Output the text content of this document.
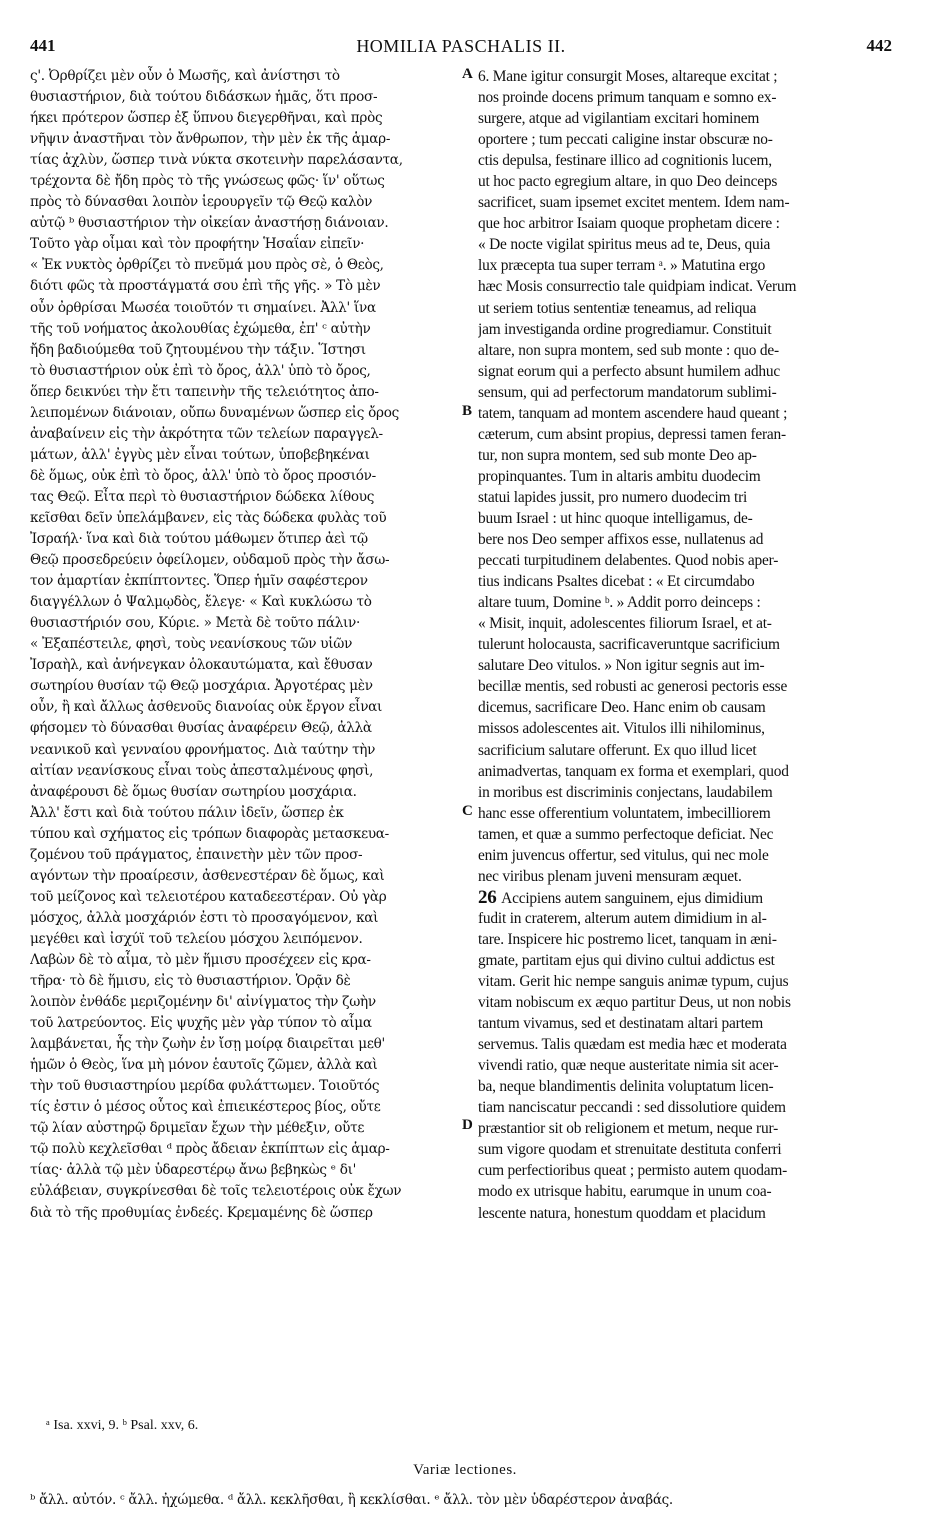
441	HOMILIA PASCHALIS II.	442
ς'. Ὀρθρίζει μὲν οὖν ὁ Μωσῆς, καὶ ἀνίστησι τὸ
θυσιαστήριον, διὰ τούτου διδάσκων ἡμᾶς, ὅτι προσ-
ήκει πρότερον ὥσπερ ἐξ ὕπνου διεγερθῆναι, καὶ πρὸς
νῆψιν ἀναστῆναι τὸν ἄνθρωπον, τὴν μὲν ἐκ τῆς ἁμαρ-
τίας ἀχλὺν, ὥσπερ τινὰ νύκτα σκοτεινὴν παρελάσαντα,
τρέχοντα δὲ ἤδη πρὸς τὸ τῆς γνώσεως φῶς· ἵν' οὕτως
πρὸς τὸ δύνασθαι λοιπὸν ἱερουργεῖν τῷ Θεῷ καλὸν
αὐτῷ ᵇ θυσιαστήριον τὴν οἰκείαν ἀναστήσῃ διάνοιαν.
Τοῦτο γὰρ οἶμαι καὶ τὸν προφήτην Ἡσαΐαν εἰπεῖν·
« Ἐκ νυκτὸς ὀρθρίζει τὸ πνεῦμά μου πρὸς σὲ, ὁ Θεὸς,
διότι φῶς τὰ προστάγματά σου ἐπὶ τῆς γῆς. » Τὸ μὲν
οὖν ὀρθρίσαι Μωσέα τοιοῦτόν τι σημαίνει. Ἀλλ' ἵνα
τῆς τοῦ νοήματος ἀκολουθίας ἐχώμεθα, ἐπ' ᶜ αὐτὴν
ἤδη βαδιούμεθα τοῦ ζητουμένου τὴν τάξιν. Ἵστησι
τὸ θυσιαστήριον οὐκ ἐπὶ τὸ ὄρος, ἀλλ' ὑπὸ τὸ ὄρος,
ὅπερ δεικνύει τὴν ἔτι ταπεινὴν τῆς τελειότητος ἀπο-
λειπομένων διάνοιαν, οὔπω δυναμένων ὥσπερ εἰς ὄρος
ἀναβαίνειν εἰς τὴν ἀκρότητα τῶν τελείων παραγγελ-
μάτων, ἀλλ' ἐγγὺς μὲν εἶναι τούτων, ὑποβεβηκέναι
δὲ ὅμως, οὐκ ἐπὶ τὸ ὄρος, ἀλλ' ὑπὸ τὸ ὄρος προσιόν-
τας Θεῷ. Εἶτα περὶ τὸ θυσιαστήριον δώδεκα λίθους
κεῖσθαι δεῖν ὑπελάμβανεν, εἰς τὰς δώδεκα φυλὰς τοῦ
Ἰσραήλ· ἵνα καὶ διὰ τούτου μάθωμεν ὅτιπερ ἀεὶ τῷ
Θεῷ προσεδρεύειν ὀφείλομεν, οὐδαμοῦ πρὸς τὴν ἄσω-
τον ἁμαρτίαν ἐκπίπτοντες. Ὅπερ ἡμῖν σαφέστερον
διαγγέλλων ὁ Ψαλμῳδὸς, ἔλεγε· « Καὶ κυκλώσω τὸ
θυσιαστήριόν σου, Κύριε. » Μετὰ δὲ τοῦτο πάλιν·
« Ἐξαπέστειλε, φησὶ, τοὺς νεανίσκους τῶν υἱῶν
Ἰσραὴλ, καὶ ἀνήνεγκαν ὁλοκαυτώματα, καὶ ἔθυσαν
σωτηρίου θυσίαν τῷ Θεῷ μοσχάρια. Ἀργοτέρας μὲν
οὖν, ἢ καὶ ἄλλως ἀσθενοῦς διανοίας οὐκ ἔργον εἶναι
φήσομεν τὸ δύνασθαι θυσίας ἀναφέρειν Θεῷ, ἀλλὰ
νεανικοῦ καὶ γενναίου φρονήματος. Διὰ ταύτην τὴν
αἰτίαν νεανίσκους εἶναι τοὺς ἀπεσταλμένους φησὶ,
ἀναφέρουσι δὲ ὅμως θυσίαν σωτηρίου μοσχάρια.
Ἀλλ' ἔστι καὶ διὰ τούτου πάλιν ἰδεῖν, ὥσπερ ἐκ
τύπου καὶ σχήματος εἰς τρόπων διαφορὰς μετασκευα-
ζομένου τοῦ πράγματος, ἐπαινετὴν μὲν τῶν προσ-
αγόντων τὴν προαίρεσιν, ἀσθενεστέραν δὲ ὅμως, καὶ
τοῦ μείζονος καὶ τελειοτέρου καταδεεστέραν. Οὐ γὰρ
μόσχος, ἀλλὰ μοσχάριόν ἐστι τὸ προσαγόμενον, καὶ
μεγέθει καὶ ἰσχύϊ τοῦ τελείου μόσχου λειπόμενον.
Λαβὼν δὲ τὸ αἷμα, τὸ μὲν ἥμισυ προσέχεεν εἰς κρα-
τῆρα· τὸ δὲ ἥμισυ, εἰς τὸ θυσιαστήριον. Ὁρᾷν δὲ
λοιπὸν ἐνθάδε μεριζομένην δι' αἰνίγματος τὴν ζωὴν
τοῦ λατρεύοντος. Εἰς ψυχῆς μὲν γὰρ τύπον τὸ αἷμα
λαμβάνεται, ἧς τὴν ζωὴν ἐν ἴσῃ μοίρᾳ διαιρεῖται μεθ'
ἡμῶν ὁ Θεὸς, ἵνα μὴ μόνον ἑαυτοῖς ζῶμεν, ἀλλὰ καὶ
τὴν τοῦ θυσιαστηρίου μερίδα φυλάττωμεν. Τοιοῦτός
τίς ἐστιν ὁ μέσος οὗτος καὶ ἐπιεικέστερος βίος, οὔτε
τῷ λίαν αὐστηρῷ δριμεῖαν ἔχων τὴν μέθεξιν, οὔτε
τῷ πολὺ κεχλεῖσθαι ᵈ πρὸς ἄδειαν ἐκπίπτων εἰς ἁμαρ-
τίας· ἀλλὰ τῷ μὲν ὑδαρεστέρῳ ἄνω βεβηκὼς ᵉ δι'
εὐλάβειαν, συγκρίνεσθαι δὲ τοῖς τελειοτέροις οὐκ ἔχων
διὰ τὸ τῆς προθυμίας ἐνδεές. Κρεμαμένης δὲ ὥσπερ
6. Mane igitur consurgit Moses, altareque excitat ;
nos proinde docens primum tanquam e somno ex-
surgere, atque ad vigilantiam excitari hominem
oportere ; tum peccati caligine instar obscuræ no-
ctis depulsa, festinare illico ad cognitionis lucem,
ut hoc pacto egregium altare, in quo Deo deinceps
sacrificet, suam ipsemet excitet mentem. Idem nam-
que hoc arbitror Isaiam quoque prophetam dicere :
« De nocte vigilat spiritus meus ad te, Deus, quia
lux præcepta tua super terram ᵃ. » Matutina ergo
hæc Mosis consurrectio tale quidpiam indicat. Verum
ut seriem totius sententiæ teneamus, ad reliqua
jam investiganda ordine progrediamur. Constituit
altare, non supra montem, sed sub monte : quo de-
signat eorum qui a perfecto absunt humilem adhuc
sensum, qui ad perfectorum mandatorum sublimi-
tatem, tanquam ad montem ascendere haud queant ;
cæterum, cum absint propius, depressi tamen feran-
tur, non supra montem, sed sub monte Deo ap-
propinquantes. Tum in altaris ambitu duodecim
statui lapides jussit, pro numero duodecim tri
buum Israel : ut hinc quoque intelligamus, de-
bere nos Deo semper affixos esse, nullatenus ad
peccati turpitudinem delabentes. Quod nobis aper-
tius indicans Psaltes dicebat : « Et circumdabo
altare tuum, Domine ᵇ. » Addit porro deinceps :
« Misit, inquit, adolescentes filiorum Israel, et at-
tulerunt holocausta, sacrificaveruntque sacrificium
salutare Deo vitulos. » Non igitur segnis aut im-
becillæ mentis, sed robusti ac generosi pectoris esse
dicemus, sacrificare Deo. Hanc enim ob causam
missos adolescentes ait. Vitulos illi nihilominus,
sacrificium salutare offerunt. Ex quo illud licet
animadvertas, tanquam ex forma et exemplari, quod
in moribus est discriminis conjectans, laudabilem
hanc esse offerentium voluntatem, imbecilliorem
tamen, et quæ a summo perfectoque deficiat. Nec
enim juvencus offertur, sed vitulus, qui nec mole
nec viribus plenam juveni mensuram æquet.
26 Accipiens autem sanguinem, ejus dimidium
fudit in craterem, alterum autem dimidium in al-
tare. Inspicere hic postremo licet, tanquam in æni-
gmate, partitam ejus qui divino cultui addictus est
vitam. Gerit hic nempe sanguis animæ typum, cujus
vitam nobiscum ex æquo partitur Deus, ut non nobis
tantum vivamus, sed et destinatam altari partem
servemus. Talis quædam est media hæc et moderata
vivendi ratio, quæ neque austeritate nimia sit acer-
ba, neque blandimentis delinita voluptatum licen-
tiam nanciscatur peccandi : sed dissolutiore quidem
præstantior sit ob religionem et metum, neque rur-
sum vigore quodam et strenuitate destituta conferri
cum perfectioribus queat ; permisto autem quodam-
modo ex utrisque habitu, earumque in unum coa-
lescente natura, honestum quoddam et placidum
A
B
C
D
ᵃ Isa. xxvi, 9. ᵇ Psal. xxv, 6.
Variæ lectiones.
ᵇ ἄλλ. αὐτόν. ᶜ ἄλλ. ἠχώμεθα. ᵈ ἄλλ. κεκλῆσθαι, ἢ κεκλίσθαι. ᵉ ἄλλ. τὸν μὲν ὑδαρέστερον ἀναβάς.
